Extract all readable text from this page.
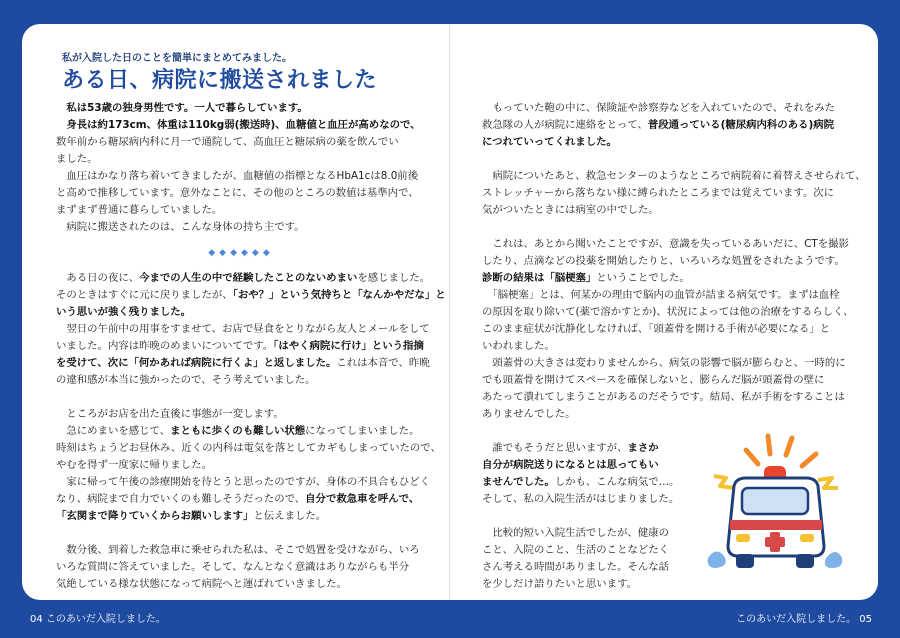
私が入院した日のことを簡単にまとめてみました。
ある日、病院に搬送されました

　私は53歳の独身男性です。一人で暮らしています。

　身長は約173cm、体重は110kg弱(搬送時)、血糖値と血圧が高めなので、

数年前から糖尿病内科に月一で通院して、高血圧と糖尿病の薬を飲んでい

ました。

　血圧はかなり落ち着いてきましたが、血糖値の指標となるHbA1cは8.0前後

と高めで推移しています。意外なことに、その他のところの数値は基準内で、

まずまず普通に暮らしていました。

　病院に搬送されたのは、こんな身体の持ち主です。

◆◆◆◆◆◆

　ある日の夜に、今までの人生の中で経験したことのないめまいを感じました。

そのときはすぐに元に戻りましたが、「おや？」という気持ちと「なんかやだな」と

いう思いが強く残りました。

　翌日の午前中の用事をすませて、お店で昼食をとりながら友人とメールをして

いました。内容は昨晩のめまいについてです。「はやく病院に行け」という指摘

を受けて、次に「何かあれば病院に行くよ」と返しました。これは本音で、昨晩

の違和感が本当に強かったので、そう考えていました。

　ところがお店を出た直後に事態が一変します。

　急にめまいを感じて、まともに歩くのも難しい状態になってしまいました。

時刻はちょうどお昼休み、近くの内科は電気を落としてカギもしまっていたので、

やむを得ず一度家に帰りました。

　家に帰って午後の診療開始を待とうと思ったのですが、身体の不具合もひどく

なり、病院まで自力でいくのも難しそうだったので、自分で救急車を呼んで、

「玄関まで降りていくからお願いします」と伝えました。

　数分後、到着した救急車に乗せられた私は、そこで処置を受けながら、いろ

いろな質問に答えていました。そして、なんとなく意識はありながらも半分

気絶している様な状態になって病院へと運ばれていきました。

　もっていた鞄の中に、保険証や診察券などを入れていたので、それをみた

救急隊の人が病院に連絡をとって、普段通っている(糖尿病内科のある)病院

につれていってくれました。

　病院についたあと、救急センターのようなところで病院着に着替えさせられて、

ストレッチャーから落ちない様に縛られたところまでは覚えています。次に

気がついたときには病室の中でした。

　これは、あとから聞いたことですが、意識を失っているあいだに、CTを撮影

したり、点滴などの投薬を開始したりと、いろいろな処置をされたようです。

診断の結果は「脳梗塞」ということでした。

　「脳梗塞」とは、何某かの理由で脳内の血管が詰まる病気です。まずは血栓

の原因を取り除いて(薬で溶かすとか)、状況によっては他の治療をするらしく、

このまま症状が沈静化しなければ、「頭蓋骨を開ける手術が必要になる」と

いわれました。

　頭蓋骨の大きさは変わりませんから、病気の影響で脳が膨らむと、一時的に

でも頭蓋骨を開けてスペースを確保しないと、膨らんだ脳が頭蓋骨の壁に

あたって潰れてしまうことがあるのだそうです。結局、私が手術をすることは

ありませんでした。

　誰でもそうだと思いますが、まさか

自分が病院送りになるとは思ってもい

ませんでした。しかも、こんな病気で…。

そして、私の入院生活がはじまりました。

　比較的短い入院生活でしたが、健康の

こと、入院のこと、生活のことなどたく

さん考える時間がありました。そんな話

を少しだけ語りたいと思います。

04 このあいだ入院しました。	このあいだ入院しました。 05
